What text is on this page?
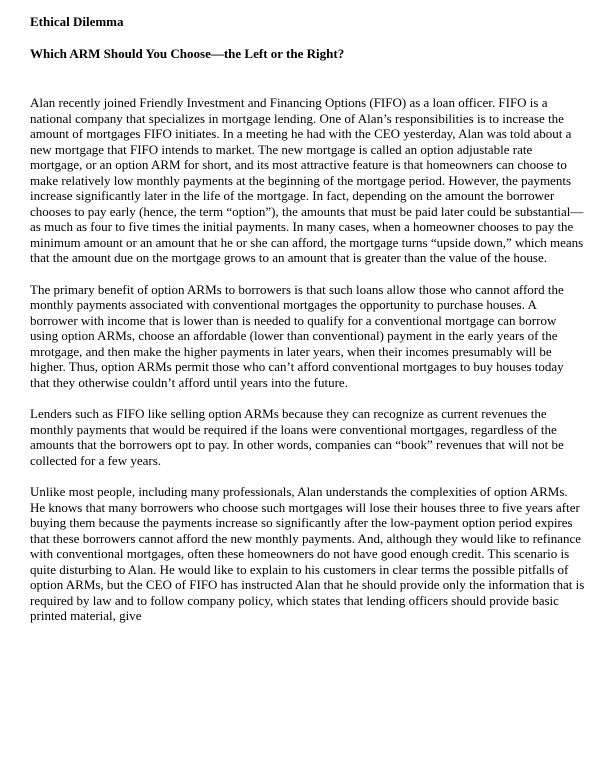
Ethical Dilemma

Which ARM Should You Choose—the Left or the Right?

Alan recently joined Friendly Investment and Financing Options (FIFO) as a loan officer. FIFO is a national company that specializes in mortgage lending. One of Alan’s responsibilities is to increase the amount of mortgages FIFO initiates. In a meeting he had with the CEO yesterday, Alan was told about a new mortgage that FIFO intends to market. The new mortgage is called an option adjustable rate mortgage, or an option ARM for short, and its most attractive feature is that homeowners can choose to make relatively low monthly payments at the beginning of the mortgage period. However, the payments increase significantly later in the life of the mortgage. In fact, depending on the amount the borrower chooses to pay early (hence, the term “option”), the amounts that must be paid later could be substantial—as much as four to five times the initial payments. In many cases, when a homeowner chooses to pay the minimum amount or an amount that he or she can afford, the mortgage turns “upside down,” which means that the amount due on the mortgage grows to an amount that is greater than the value of the house.

The primary benefit of option ARMs to borrowers is that such loans allow those who cannot afford the monthly payments associated with conventional mortgages the opportunity to purchase houses. A borrower with income that is lower than is needed to qualify for a conventional mortgage can borrow using option ARMs, choose an affordable (lower than conventional) payment in the early years of the mrotgage, and then make the higher payments in later years, when their incomes presumably will be higher. Thus, option ARMs permit those who can’t afford conventional mortgages to buy houses today that they otherwise couldn’t afford until years into the future.

Lenders such as FIFO like selling option ARMs because they can recognize as current revenues the monthly payments that would be required if the loans were conventional mortgages, regardless of the amounts that the borrowers opt to pay. In other words, companies can “book” revenues that will not be collected for a few years.

Unlike most people, including many professionals, Alan understands the complexities of option ARMs. He knows that many borrowers who choose such mortgages will lose their houses three to five years after buying them because the payments increase so significantly after the low-payment option period expires that these borrowers cannot afford the new monthly payments. And, although they would like to refinance with conventional mortgages, often these homeowners do not have good enough credit. This scenario is quite disturbing to Alan. He would like to explain to his customers in clear terms the possible pitfalls of option ARMs, but the CEO of FIFO has instructed Alan that he should provide only the information that is required by law and to follow company policy, which states that lending officers should provide basic printed material, give
